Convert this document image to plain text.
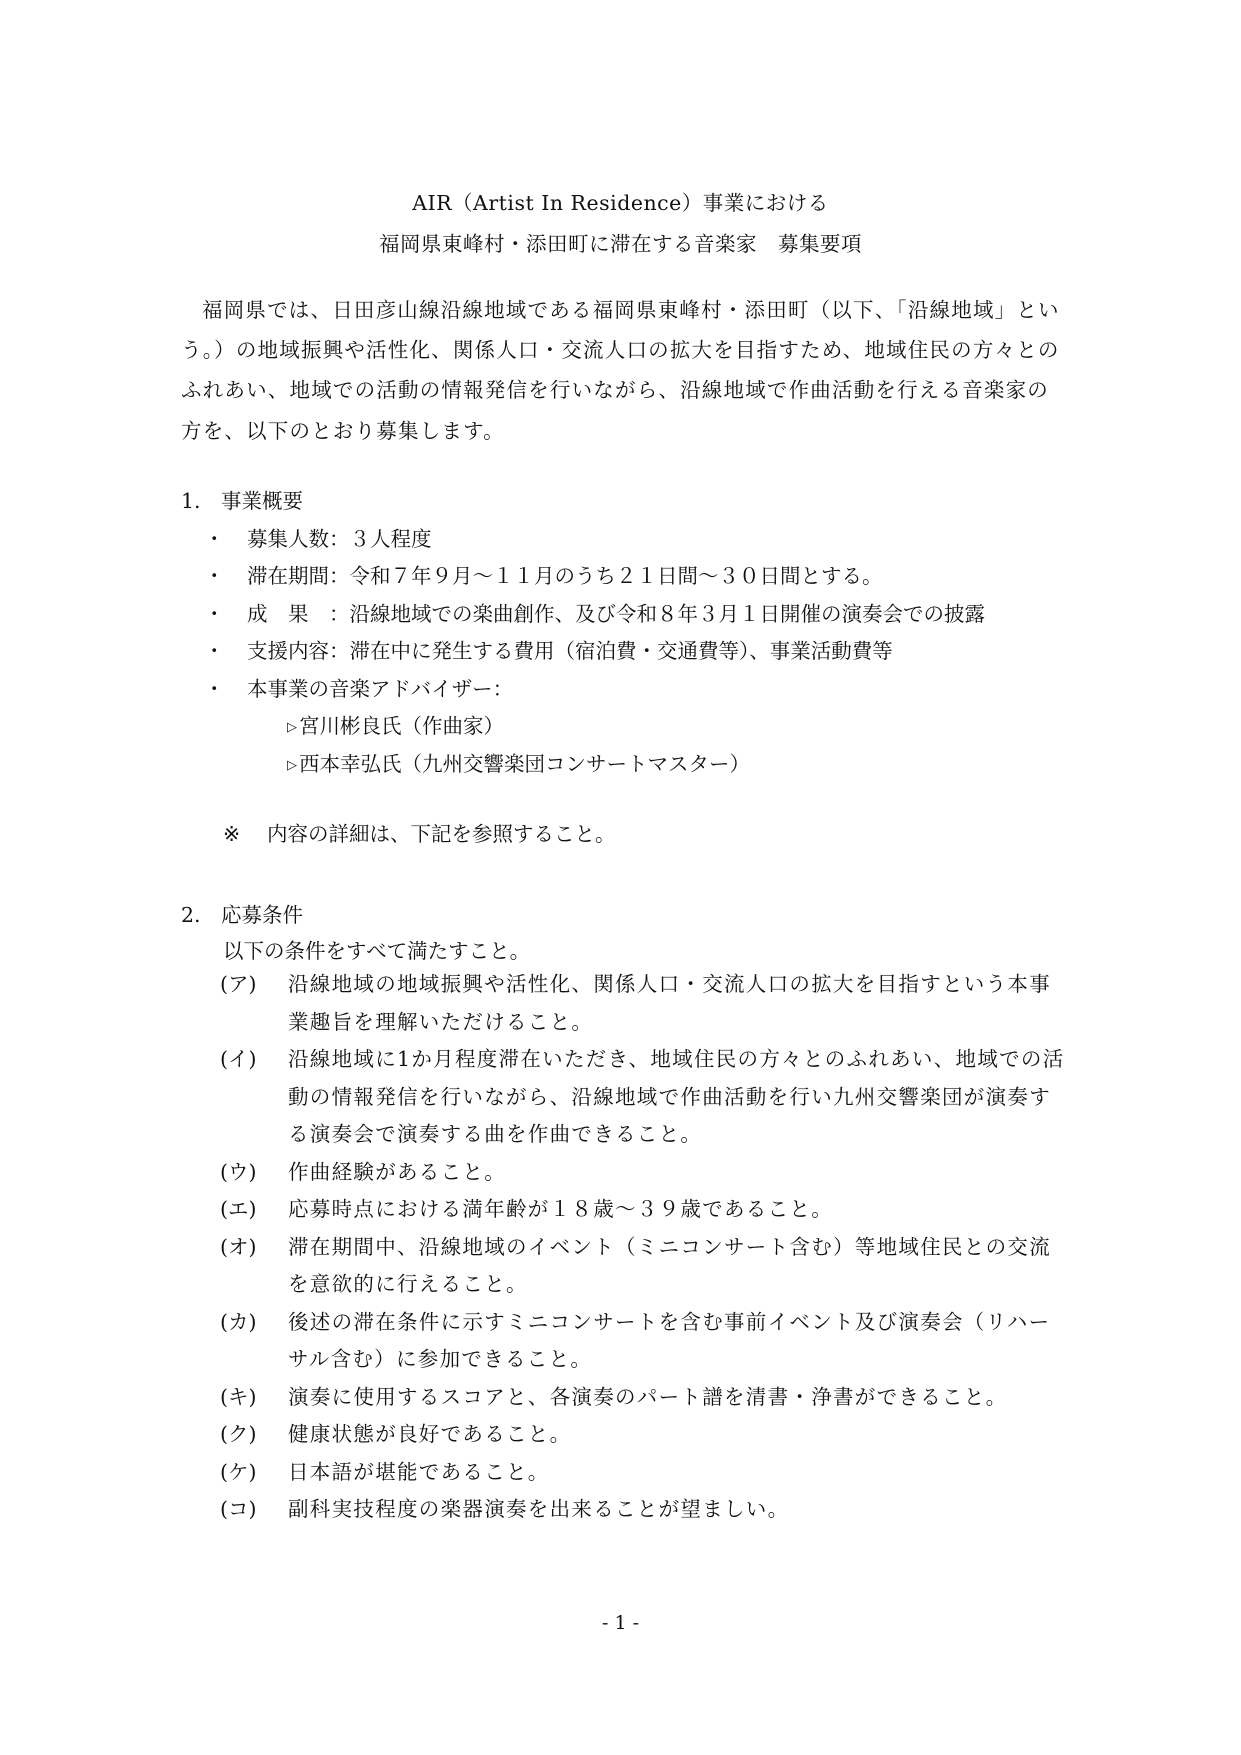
AIR（Artist In Residence）事業における
福岡県東峰村・添田町に滞在する音楽家　募集要項

福岡県では、日田彦山線沿線地域である福岡県東峰村・添田町（以下、「沿線地域」という。）の地域振興や活性化、関係人口・交流人口の拡大を目指すため、地域住民の方々とのふれあい、地域での活動の情報発信を行いながら、沿線地域で作曲活動を行える音楽家の方を、以下のとおり募集します。

1. 事業概要
・ 募集人数：３人程度
・ 滞在期間：令和７年９月～１１月のうち２１日間～３０日間とする。
・ 成　果　：沿線地域での楽曲創作、及び令和８年３月１日開催の演奏会での披露
・ 支援内容：滞在中に発生する費用（宿泊費・交通費等）、事業活動費等
・ 本事業の音楽アドバイザー：
▷宮川彬良氏（作曲家）
▷西本幸弘氏（九州交響楽団コンサートマスター）
※ 内容の詳細は、下記を参照すること。
2. 応募条件
以下の条件をすべて満たすこと。
(ア) 沿線地域の地域振興や活性化、関係人口・交流人口の拡大を目指すという本事業趣旨を理解いただけること。
(イ) 沿線地域に1か月程度滞在いただき、地域住民の方々とのふれあい、地域での活動の情報発信を行いながら、沿線地域で作曲活動を行い九州交響楽団が演奏する演奏会で演奏する曲を作曲できること。
(ウ) 作曲経験があること。
(エ) 応募時点における満年齢が１８歳～３９歳であること。
(オ) 滞在期間中、沿線地域のイベント（ミニコンサート含む）等地域住民との交流を意欲的に行えること。
(カ) 後述の滞在条件に示すミニコンサートを含む事前イベント及び演奏会（リハーサル含む）に参加できること。
(キ) 演奏に使用するスコアと、各演奏のパート譜を清書・浄書ができること。
(ク) 健康状態が良好であること。
(ケ) 日本語が堪能であること。
(コ) 副科実技程度の楽器演奏を出来ることが望ましい。
- 1 -
